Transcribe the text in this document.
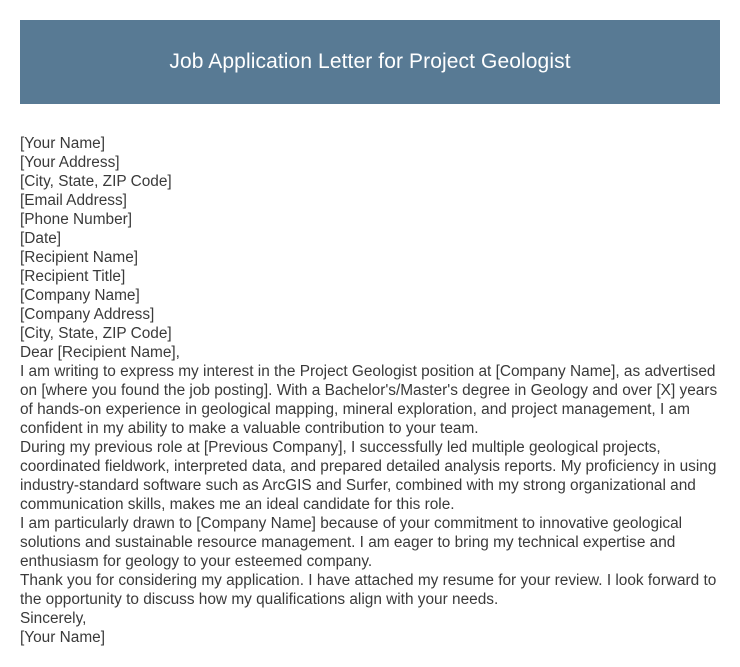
Job Application Letter for Project Geologist
[Your Name]
[Your Address]
[City, State, ZIP Code]
[Email Address]
[Phone Number]
[Date]
[Recipient Name]
[Recipient Title]
[Company Name]
[Company Address]
[City, State, ZIP Code]
Dear [Recipient Name],
I am writing to express my interest in the Project Geologist position at [Company Name], as advertised on [where you found the job posting]. With a Bachelor's/Master's degree in Geology and over [X] years of hands-on experience in geological mapping, mineral exploration, and project management, I am confident in my ability to make a valuable contribution to your team.
During my previous role at [Previous Company], I successfully led multiple geological projects, coordinated fieldwork, interpreted data, and prepared detailed analysis reports. My proficiency in using industry-standard software such as ArcGIS and Surfer, combined with my strong organizational and communication skills, makes me an ideal candidate for this role.
I am particularly drawn to [Company Name] because of your commitment to innovative geological solutions and sustainable resource management. I am eager to bring my technical expertise and enthusiasm for geology to your esteemed company.
Thank you for considering my application. I have attached my resume for your review. I look forward to the opportunity to discuss how my qualifications align with your needs.
Sincerely,
[Your Name]
